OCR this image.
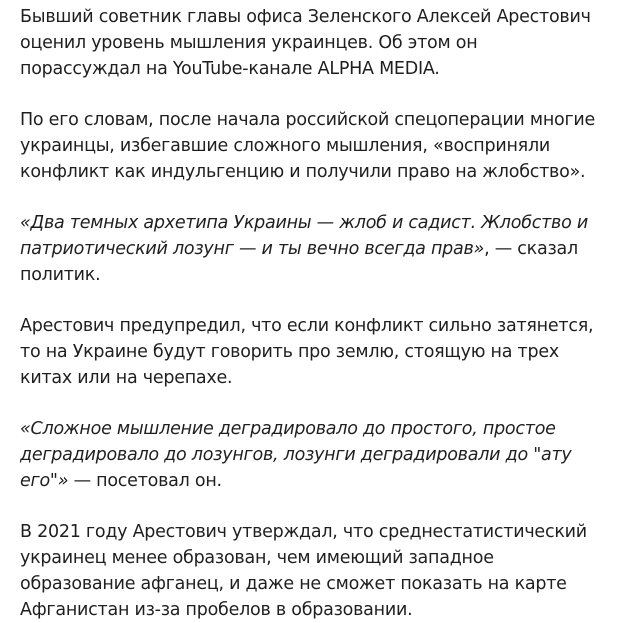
Бывший советник главы офиса Зеленского Алексей Арестович оценил уровень мышления украинцев. Об этом он порассуждал на YouTube-канале ALPHA MEDIA.

По его словам, после начала российской спецоперации многие украинцы, избегавшие сложного мышления, «восприняли конфликт как индульгенцию и получили право на жлобство».

«Два темных архетипа Украины — жлоб и садист. Жлобство и патриотический лозунг — и ты вечно всегда прав», — сказал политик.

Арестович предупредил, что если конфликт сильно затянется, то на Украине будут говорить про землю, стоящую на трех китах или на черепахе.

«Сложное мышление деградировало до простого, простое деградировало до лозунгов, лозунги деградировали до "ату его"» — посетовал он.

В 2021 году Арестович утверждал, что среднестатистический украинец менее образован, чем имеющий западное образование афганец, и даже не сможет показать на карте Афганистан из-за пробелов в образовании.
